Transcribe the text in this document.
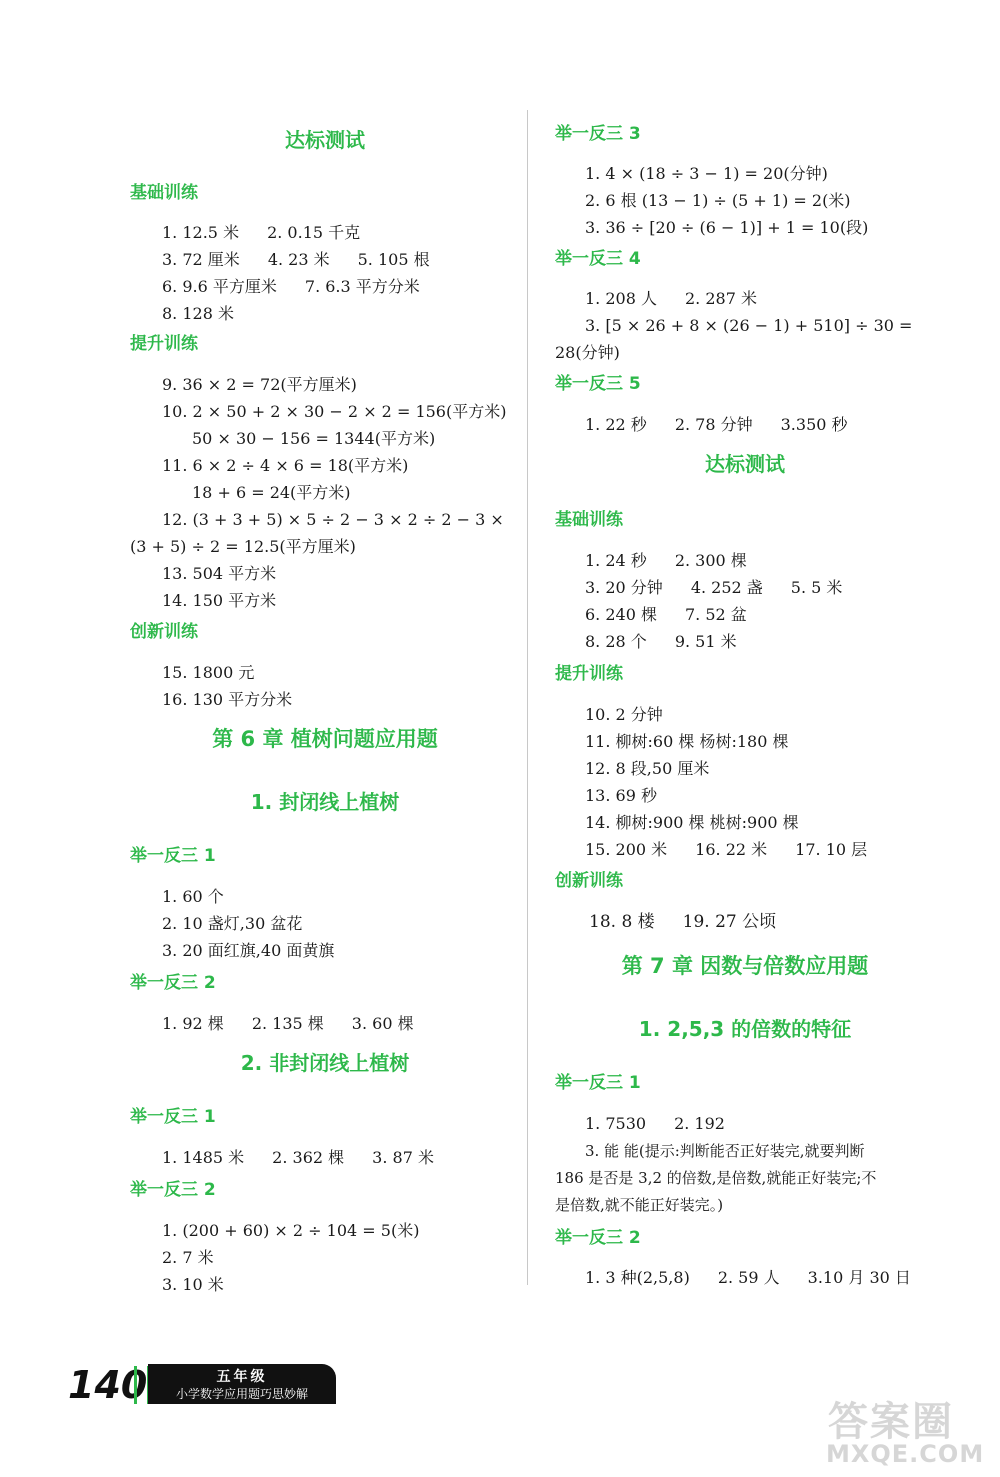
达标测试
基础训练
1. 12.5 米 2. 0.15 千克
3. 72 厘米 4. 23 米 5. 105 根
6. 9.6 平方厘米 7. 6.3 平方分米
8. 128 米
提升训练
9. 36 × 2 = 72(平方厘米)
10. 2 × 50 + 2 × 30 − 2 × 2 = 156(平方米)
50 × 30 − 156 = 1344(平方米)
11. 6 × 2 ÷ 4 × 6 = 18(平方米)
18 + 6 = 24(平方米)
12. (3 + 3 + 5) × 5 ÷ 2 − 3 × 2 ÷ 2 − 3 ×
(3 + 5) ÷ 2 = 12.5(平方厘米)
13. 504 平方米
14. 150 平方米
创新训练
15. 1800 元
16. 130 平方分米
第 6 章 植树问题应用题
1. 封闭线上植树
举一反三 1
1. 60 个
2. 10 盏灯,30 盆花
3. 20 面红旗,40 面黄旗
举一反三 2
1. 92 棵 2. 135 棵 3. 60 棵
2. 非封闭线上植树
举一反三 1
1. 1485 米 2. 362 棵 3. 87 米
举一反三 2
1. (200 + 60) × 2 ÷ 104 = 5(米)
2. 7 米
3. 10 米
举一反三 3
1. 4 × (18 ÷ 3 − 1) = 20(分钟)
2. 6 根 (13 − 1) ÷ (5 + 1) = 2(米)
3. 36 ÷ [20 ÷ (6 − 1)] + 1 = 10(段)
举一反三 4
1. 208 人 2. 287 米
3. [5 × 26 + 8 × (26 − 1) + 510] ÷ 30 =
28(分钟)
举一反三 5
1. 22 秒 2. 78 分钟 3.350 秒
达标测试
基础训练
1. 24 秒 2. 300 棵
3. 20 分钟 4. 252 盏 5. 5 米
6. 240 棵 7. 52 盆
8. 28 个 9. 51 米
提升训练
10. 2 分钟
11. 柳树:60 棵 杨树:180 棵
12. 8 段,50 厘米
13. 69 秒
14. 柳树:900 棵 桃树:900 棵
15. 200 米 16. 22 米 17. 10 层
创新训练
18. 8 楼 19. 27 公顷
第 7 章 因数与倍数应用题
1. 2,5,3 的倍数的特征
举一反三 1
1. 7530 2. 192
3. 能 能(提示:判断能否正好装完,就要判断
186 是否是 3,2 的倍数,是倍数,就能正好装完;不
是倍数,就不能正好装完。)
举一反三 2
1. 3 种(2,5,8) 2. 59 人 3.10 月 30 日
140	五年级
小学数学应用题巧思妙解
答案圈
MXQE.COM
